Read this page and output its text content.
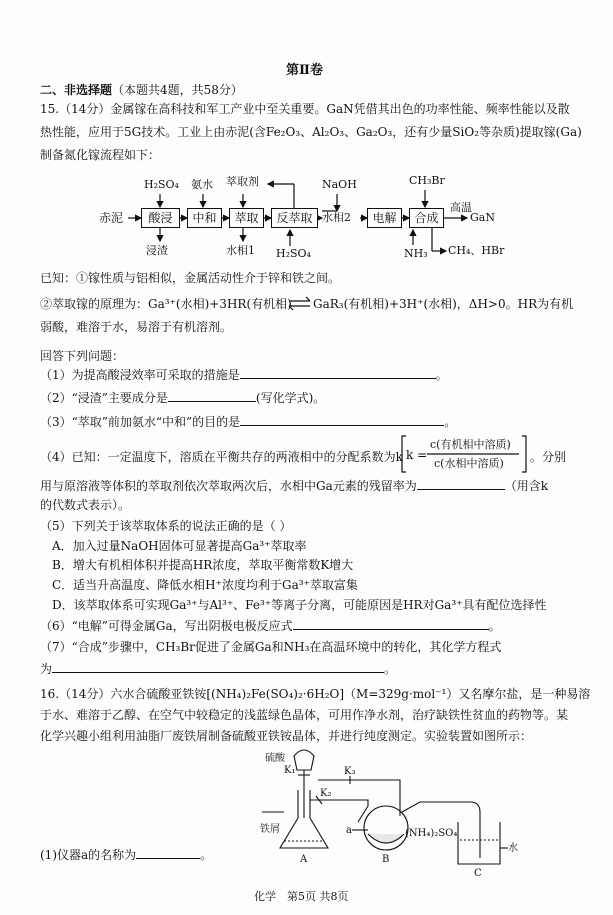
第Ⅱ卷
二、非选择题（本题共4题，共58分）
15.（14分）金属镓在高科技和军工产业中至关重要。GaN凭借其出色的功率性能、频率性能以及散
热性能，应用于5G技术。工业上由赤泥(含Fe₂O₃、Al₂O₃、Ga₂O₃，还有少量SiO₂等杂质)提取镓(Ga)
制备氮化镓流程如下：
赤泥	酸浸	中和	萃取	反萃取	电解	合成
H₂SO₄ 氨水 萃取剂	NaOH	CH₃Br
高温
水相2	GaN
浸渣	水相1 H₂SO₄	NH₃ CH₄、HBr
已知：①镓性质与铝相似，金属活动性介于锌和铁之间。
②萃取镓的原理为：Ga³⁺(水相)+3HR(有机相) GaR₃(有机相)+3H⁺(水相)，ΔH>0。HR为有机
弱酸，难溶于水，易溶于有机溶剂。
回答下列问题：
（1）为提高酸浸效率可采取的措施是	。
（2）“浸渣”主要成分是	(写化学式)。
（3）“萃取”前加氨水“中和”的目的是	。
（4）已知：一定温度下，溶质在平衡共存的两液相中的分配系数为k k =
c(有机相中溶质)
c(水相中溶质) 。分别
用与原溶液等体积的萃取剂依次萃取两次后，水相中Ga元素的残留率为	（用含k
的代数式表示）。
（5）下列关于该萃取体系的说法正确的是（ ）
A．加入过量NaOH固体可显著提高Ga³⁺萃取率
B．增大有机相体积并提高HR浓度，萃取平衡常数K增大
C．适当升高温度、降低水相H⁺浓度均利于Ga³⁺萃取富集
D．该萃取体系可实现Ga³⁺与Al³⁺、Fe³⁺等离子分离，可能原因是HR对Ga³⁺具有配位选择性
（6）“电解”可得金属Ga，写出阴极电极反应式	。
（7）“合成”步骤中，CH₃Br促进了金属Ga和NH₃在高温环境中的转化，其化学方程式
为	。
16.（14分）六水合硫酸亚铁铵[(NH₄)₂Fe(SO₄)₂·6H₂O]（M=329g·mol⁻¹）又名摩尔盐，是一种易溶
于水、难溶于乙醇、在空气中较稳定的浅蓝绿色晶体，可用作净水剂，治疗缺铁性贫血的药物等。某
化学兴趣小组利用油脂厂废铁屑制备硫酸亚铁铵晶体，并进行纯度测定。实验装置如图所示：
硫酸
K₁
K₂
K₃
铁屑	a	(NH₄)₂SO₄
水
A	B
C
(1)仪器a的名称为	。
化学　第5页 共8页
